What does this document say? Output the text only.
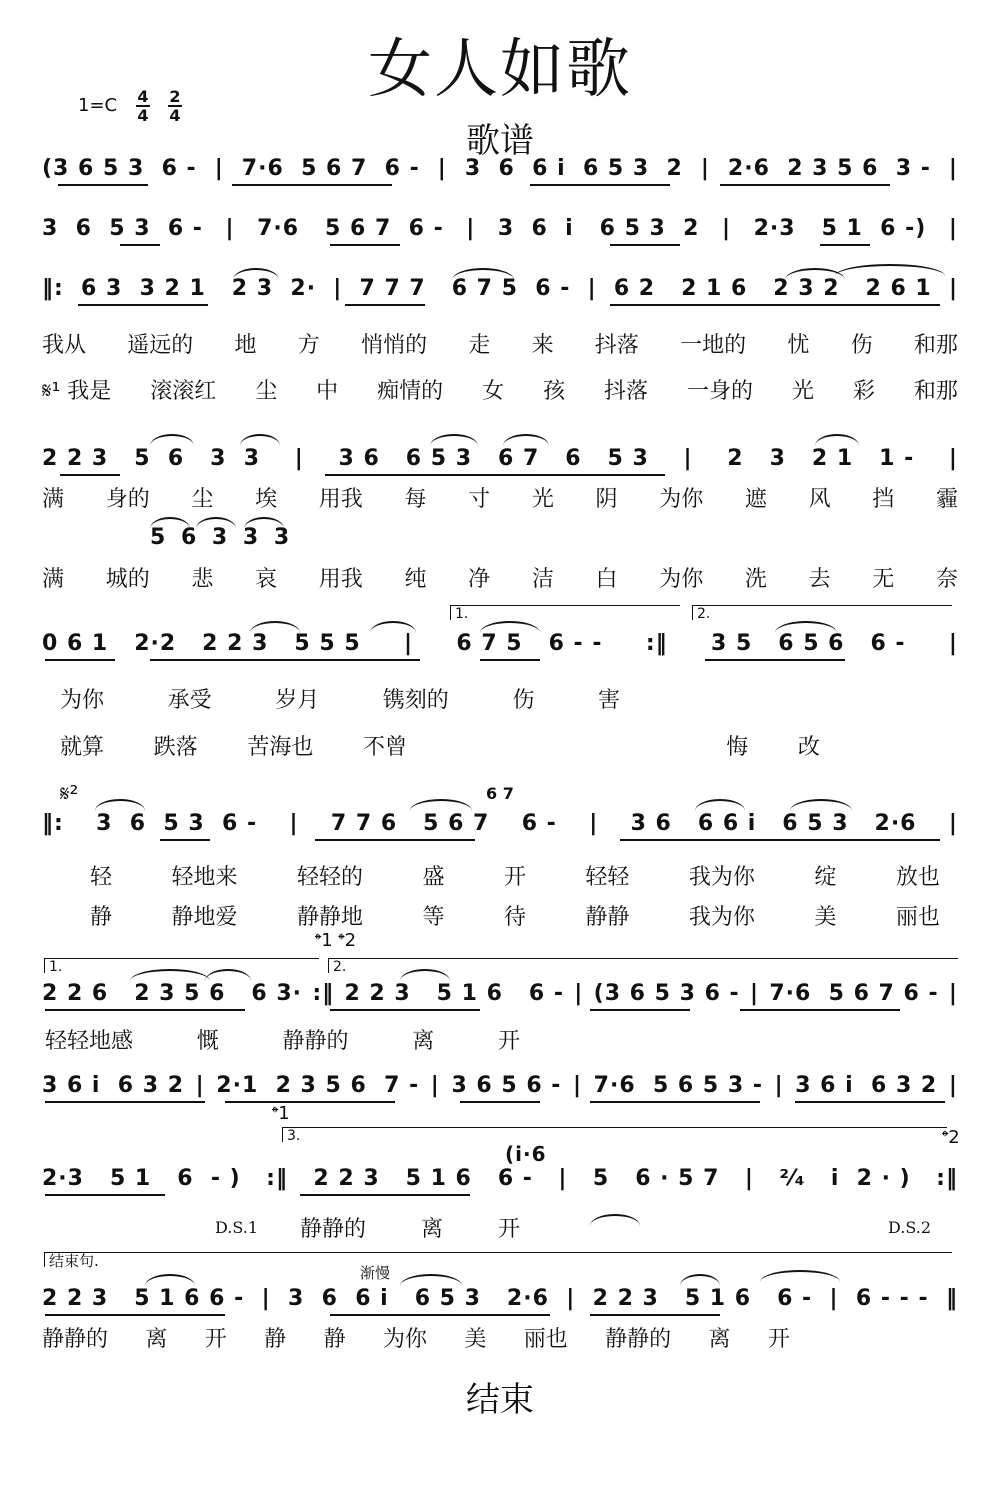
女人如歌
1=C 4
4
2
4
歌谱

(3 6 5 3  6 - | 7·6  5 6 7  6 - | 3  6  6 i  6 5 3  2 | 2·6  2 3 5 6  3 - |

3  6  5 3  6 - | 7·6   5 6 7  6 - | 3  6  i   6 5 3  2 | 2·3   5 1  6 -) |

‖: 6 3  3 2 1   2 3  2· | 7 7 7   6 7 5  6 - | 6 2   2 1 6   2 3 2   2 6 1 |

我从 遥远的 地 方 悄悄的 走 来 抖落 一地的 忧 伤 和那
𝄋¹ 我是 滚滚红 尘 中 痴情的 女 孩 抖落 一身的 光 彩 和那

2 2 3   5  6   3  3 | 3 6   6 5 3   6 7   6   5 3 | 2   3   2 1   1 - |

满 身的 尘 埃 用我 每 寸 光 阴 为你 遮 风 挡 霾
5 6 3 3 3
满 城的 悲 哀 用我 纯 净 洁 白 为你 洗 去 无 奈
1.	2.

0 6 1   2·2   2 2 3   5 5 5 | 6 7 5   6 - - :‖ 3 5   6 5 6   6 - |

为你	承受	岁月	镌刻的	伤	害
就算 跌落 苦海也 不曾	悔 改
𝄋²	6 7

‖: 3  6  5 3  6 - | 7 7 6   5 6 7 6 - | 3 6   6 6 i   6 5 3   2·6 |

轻	轻地来	轻轻的	盛	开	轻轻	我为你	绽	放也
静	静地爱	静静地	等	待	静静	我为你	美	丽也
𝄌1 𝄌2
1.	2.

2 2 6   2 3 5 6   6 3· :‖ 2 2 3   5 1 6   6 - | (3 6 5 3 6 - | 7·6  5 6 7 6 - |

轻轻地感	慨	静静的	离	开

3 6 i  6 3 2 | 2·1  2 3 5 6  7 - | 3 6 5 6 - | 7·6  5 6 5 3 - | 3 6 i  6 3 2 |

𝄌1
3.	𝄌2
(i·6

2·3   5 1   6  - ) :‖ 2 2 3   5 1 6   6 - | 5   6 · 5 7 | ²⁄₄ i  2 · ) :‖

D.S.1 静静的 离 开	D.S.2
结束句.
渐慢

2 2 3   5 1 6 6 - | 3  6  6 i   6 5 3   2·6 | 2 2 3   5 1 6   6 - | 6 - - - ‖

静静的 离 开 静 静 为你 美 丽也 静静的 离 开
结束
